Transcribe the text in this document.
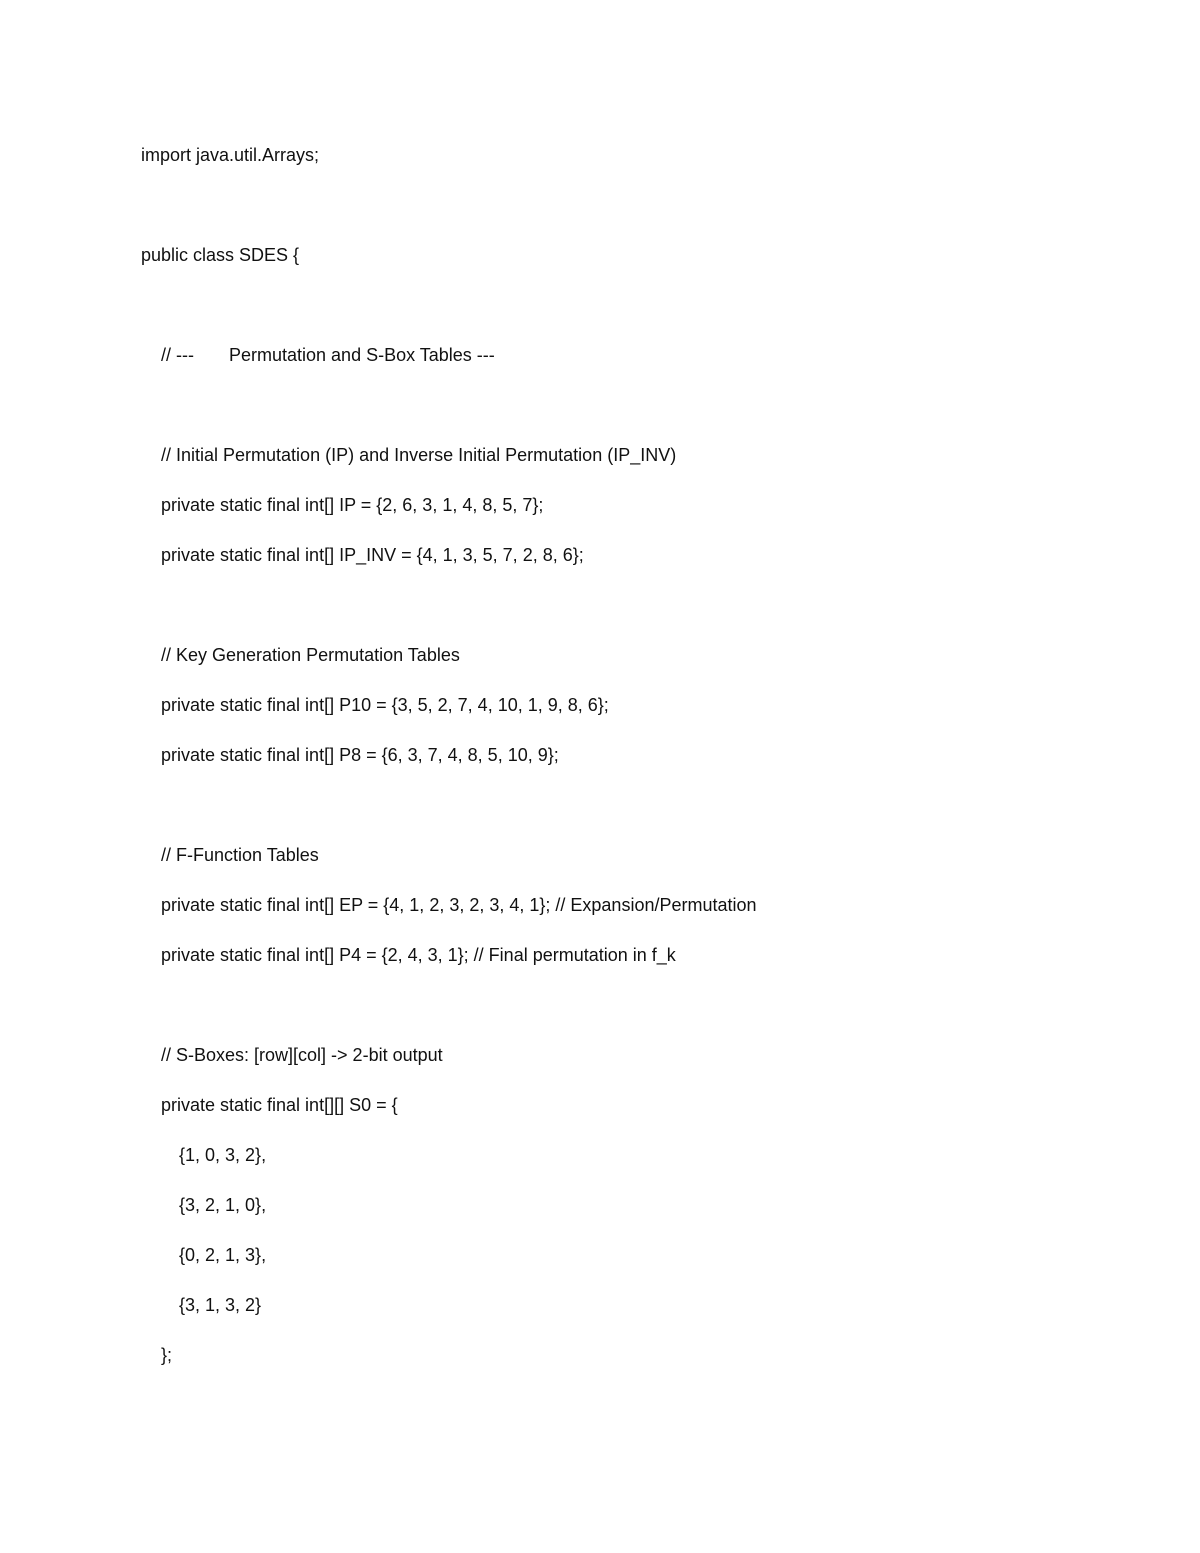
import java.util.Arrays;
public class SDES {
// ---       Permutation and S-Box Tables ---
// Initial Permutation (IP) and Inverse Initial Permutation (IP_INV)
private static final int[] IP = {2, 6, 3, 1, 4, 8, 5, 7};
private static final int[] IP_INV = {4, 1, 3, 5, 7, 2, 8, 6};
// Key Generation Permutation Tables
private static final int[] P10 = {3, 5, 2, 7, 4, 10, 1, 9, 8, 6};
private static final int[] P8 = {6, 3, 7, 4, 8, 5, 10, 9};
// F-Function Tables
private static final int[] EP = {4, 1, 2, 3, 2, 3, 4, 1}; // Expansion/Permutation
private static final int[] P4 = {2, 4, 3, 1}; // Final permutation in f_k
// S-Boxes: [row][col] -> 2-bit output
private static final int[][] S0 = {
{1, 0, 3, 2},
{3, 2, 1, 0},
{0, 2, 1, 3},
{3, 1, 3, 2}
};
